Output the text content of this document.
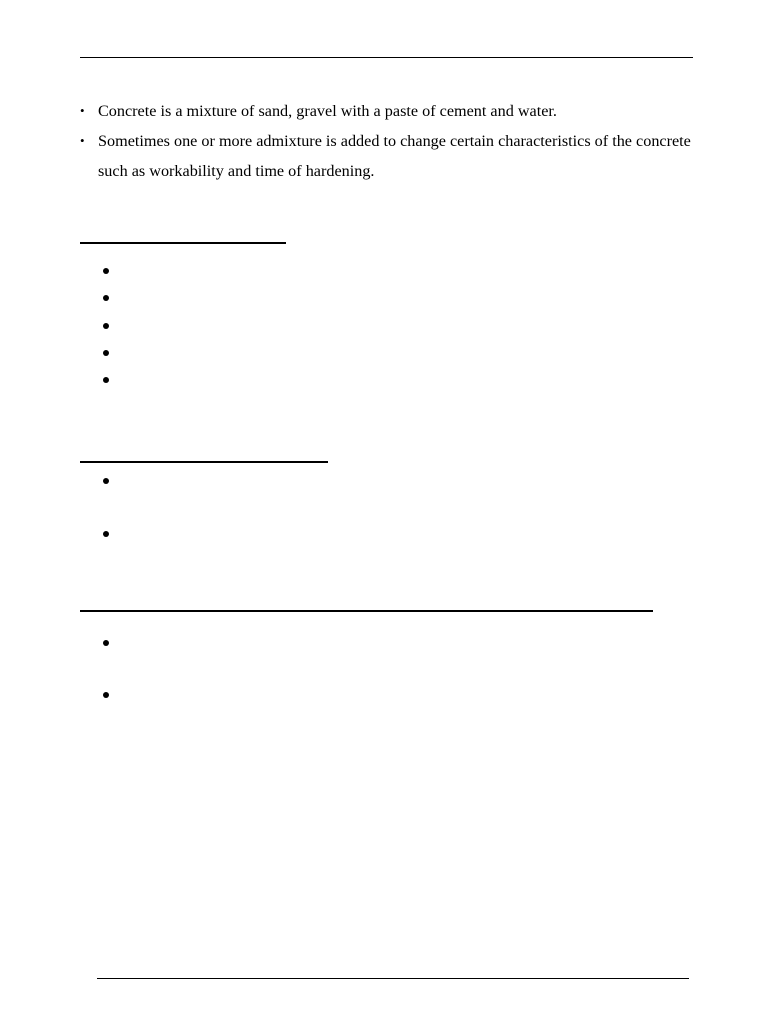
• Concrete is a mixture of sand, gravel with a paste of cement and water.
• Sometimes one or more admixture is added to change certain characteristics of the concrete such as workability and time of hardening.
